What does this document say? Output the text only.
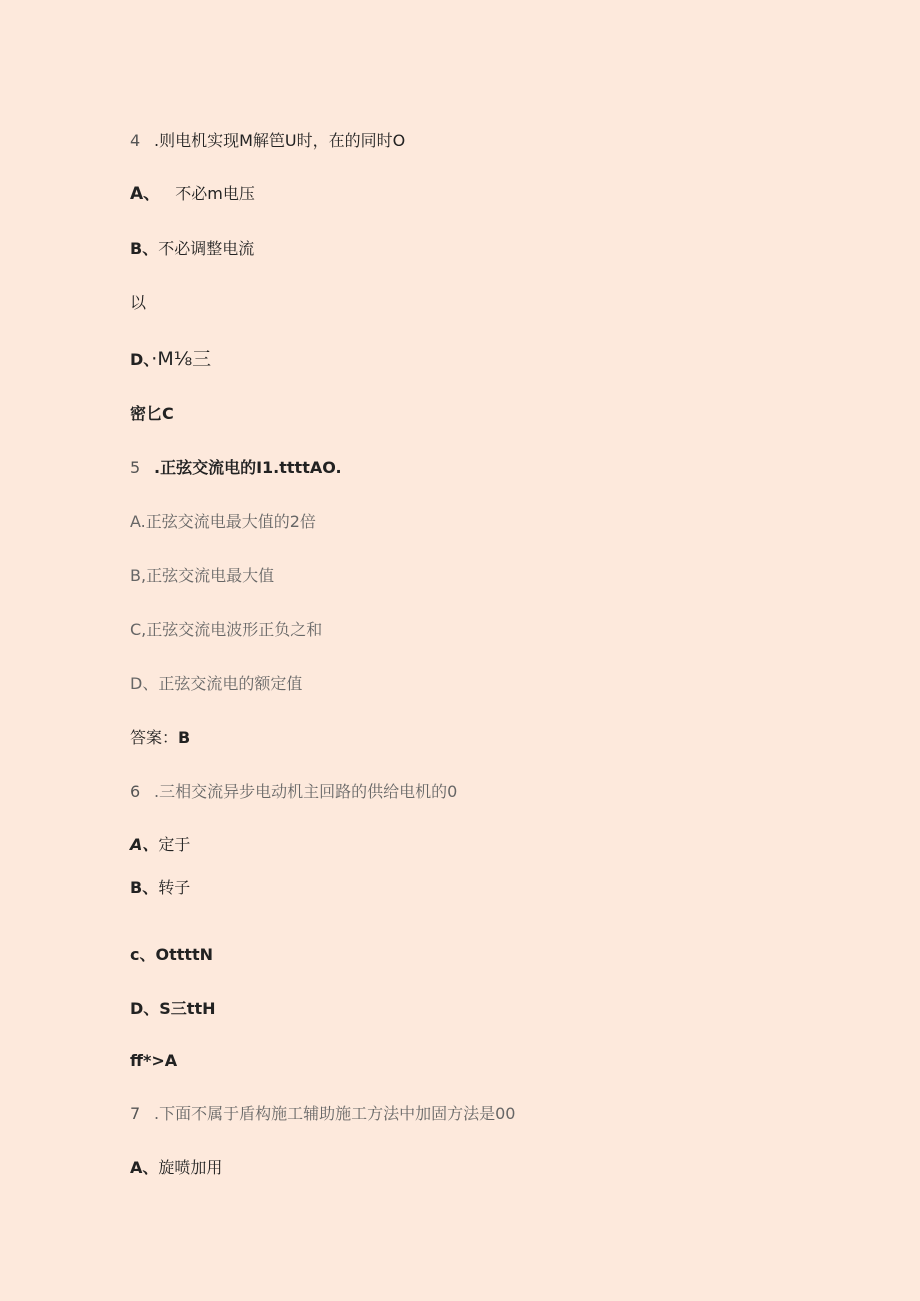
4 .则电机实现M解笆U时，在的同时O
A、 不必m电压
B、不必调整电流
以
D、·M⅛三
密匕C
5 .正弦交流电的I1.ttttAO.
A.正弦交流电最大值的2倍
B,正弦交流电最大值
C,正弦交流电波形正负之和
D、正弦交流电的额定值
答案：B
6 .三相交流异步电动机主回路的供给电机的0
A、定于
B、转子
c、OttttN
D、S三ttH
ff*>A
7 .下面不属于盾构施工辅助施工方法中加固方法是00
A、旋喷加用
